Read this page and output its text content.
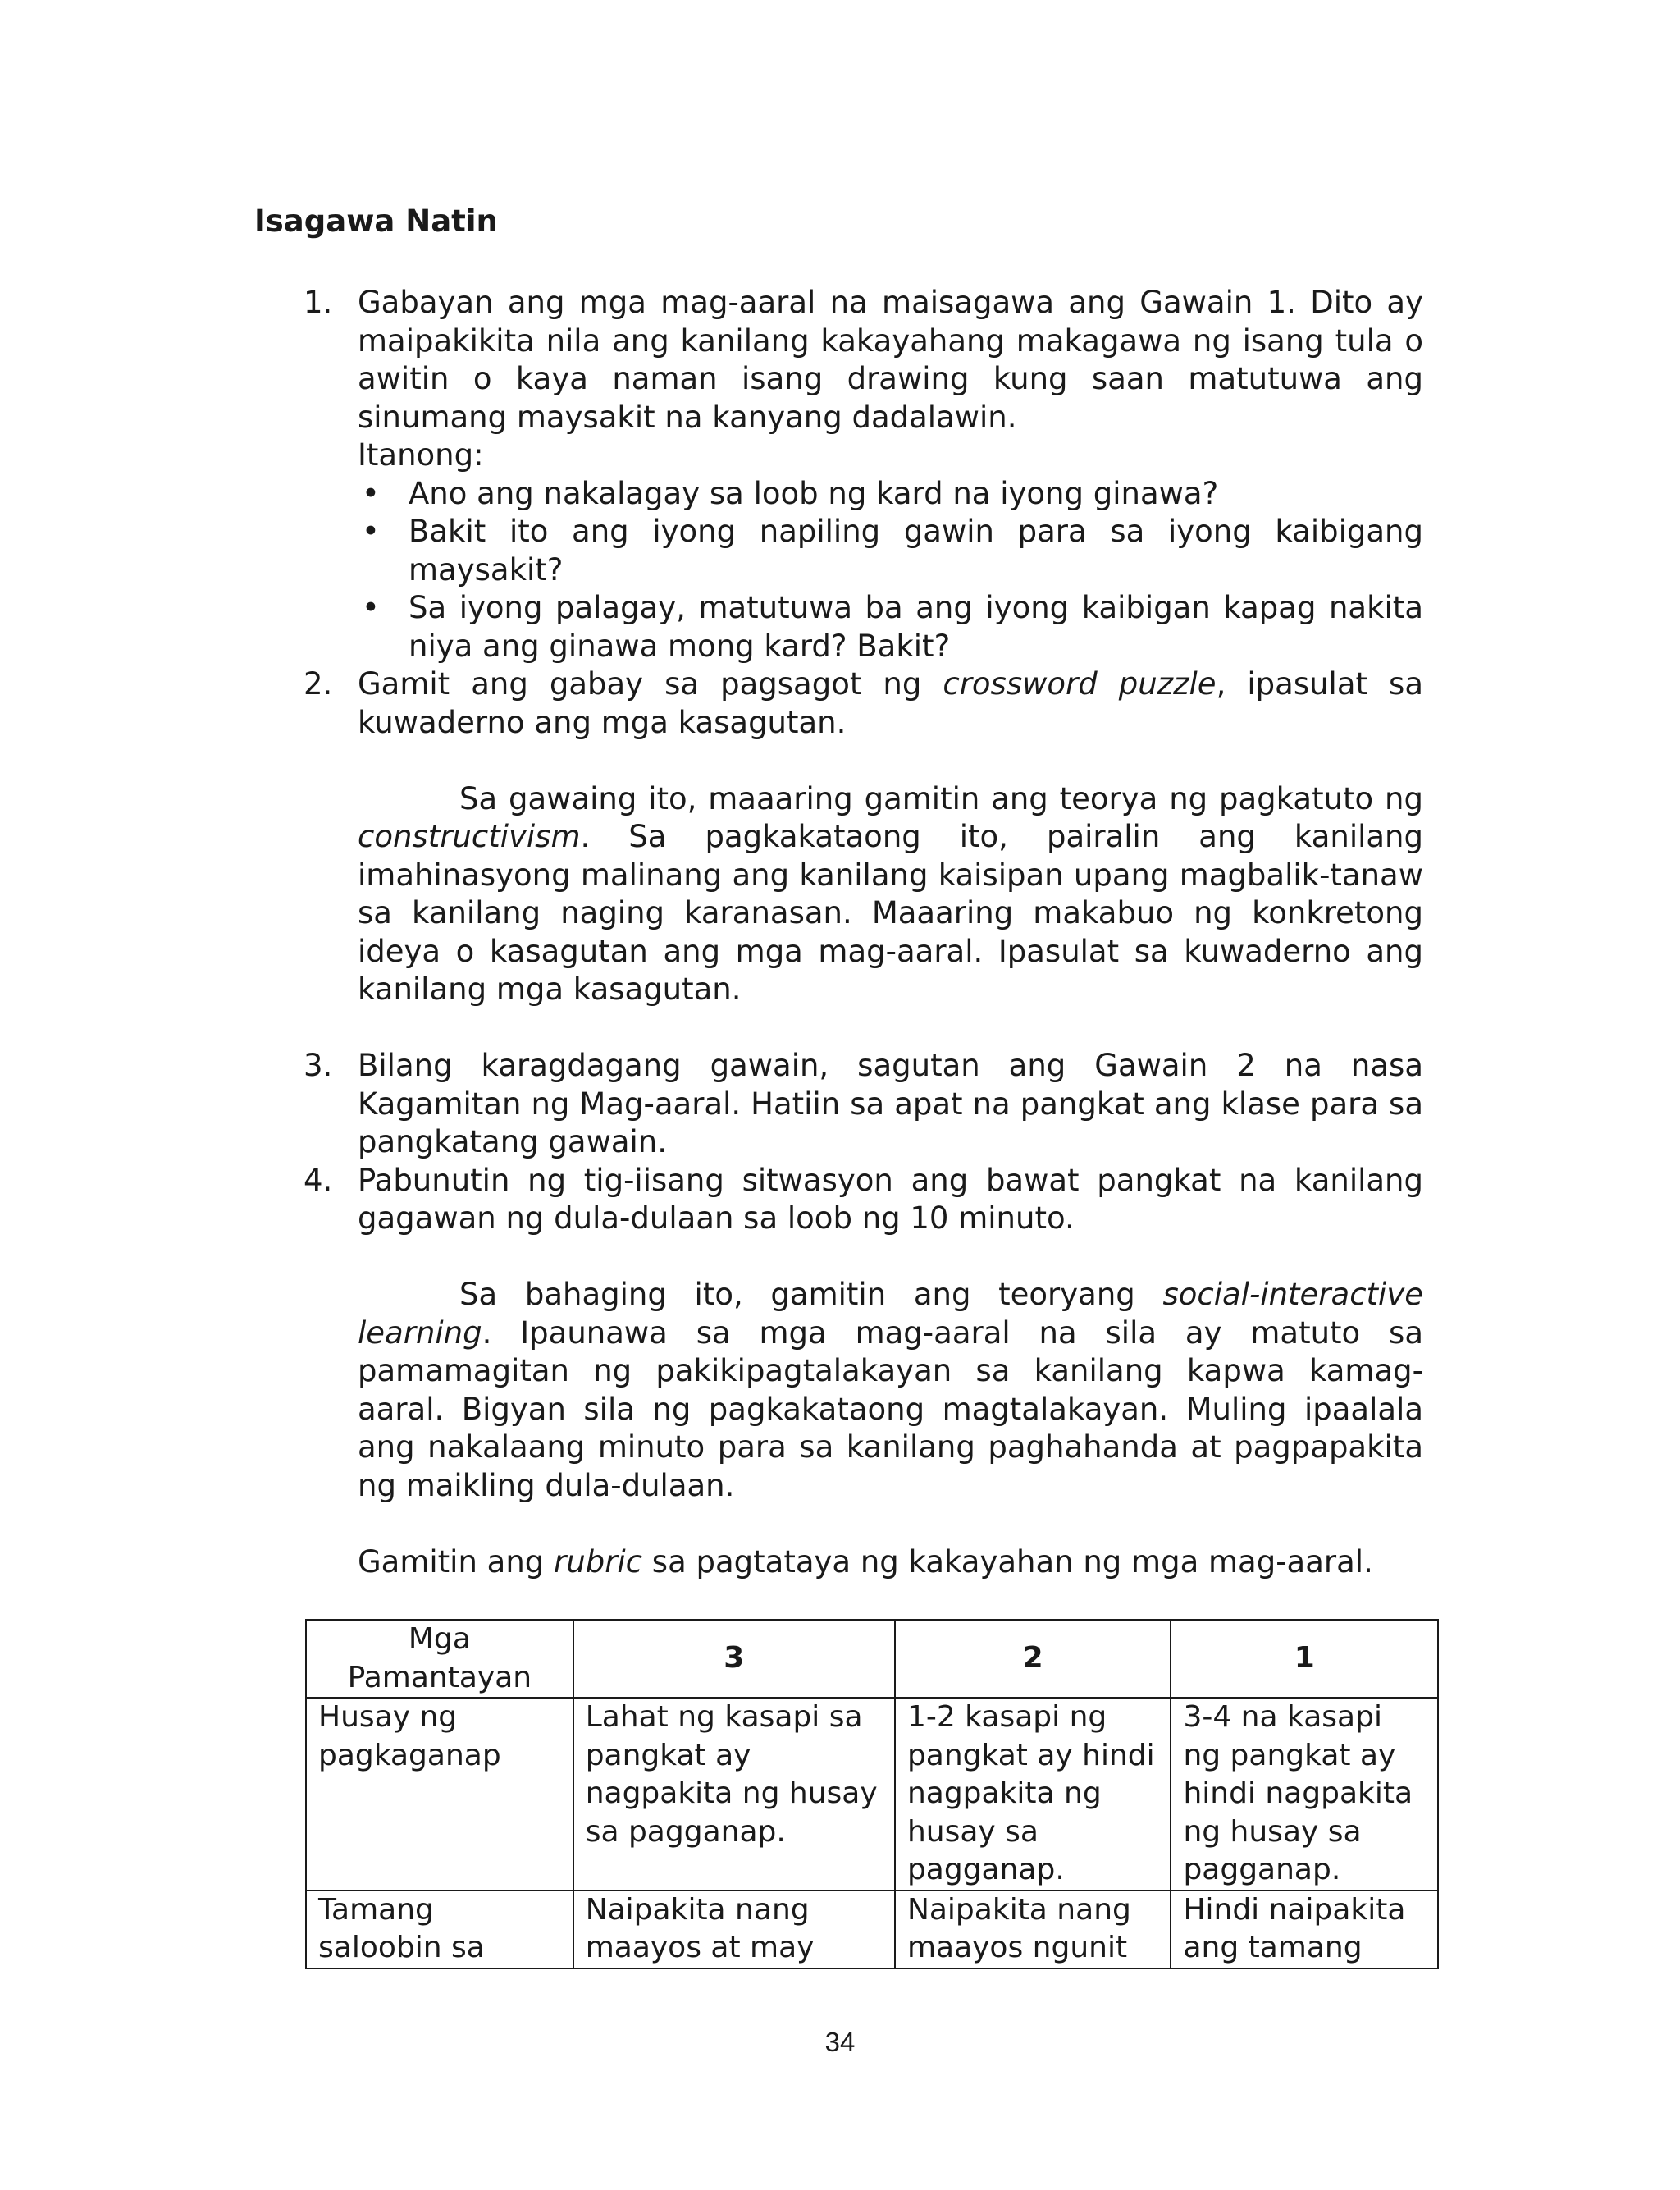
Isagawa Natin
1. Gabayan ang mga mag-aaral na maisagawa ang Gawain 1. Dito ay maipakikita nila ang kanilang kakayahang makagawa ng isang tula o awitin o kaya naman isang drawing kung saan matutuwa ang sinumang maysakit na kanyang dadalawin.
Itanong:
• Ano ang nakalagay sa loob ng kard na iyong ginawa?
• Bakit ito ang iyong napiling gawin para sa iyong kaibigang maysakit?
• Sa iyong palagay, matutuwa ba ang iyong kaibigan kapag nakita niya ang ginawa mong kard? Bakit?
2. Gamit ang gabay sa pagsagot ng crossword puzzle, ipasulat sa kuwaderno ang mga kasagutan.
Sa gawaing ito, maaaring gamitin ang teorya ng pagkatuto ng constructivism. Sa pagkakataong ito, pairalin ang kanilang imahinasyong malinang ang kanilang kaisipan upang magbalik-tanaw sa kanilang naging karanasan. Maaaring makabuo ng konkretong ideya o kasagutan ang mga mag-aaral. Ipasulat sa kuwaderno ang kanilang mga kasagutan.
3. Bilang karagdagang gawain, sagutan ang Gawain 2 na nasa Kagamitan ng Mag-aaral. Hatiin sa apat na pangkat ang klase para sa pangkatang gawain.
4. Pabunutin ng tig-iisang sitwasyon ang bawat pangkat na kanilang gagawan ng dula-dulaan sa loob ng 10 minuto.
Sa bahaging ito, gamitin ang teoryang social-interactive learning. Ipaunawa sa mga mag-aaral na sila ay matuto sa pamamagitan ng pakikipagtalakayan sa kanilang kapwa kamag-aaral. Bigyan sila ng pagkakataong magtalakayan. Muling ipaalala ang nakalaang minuto para sa kanilang paghahanda at pagpapakita ng maikling dula-dulaan.
Gamitin ang rubric sa pagtataya ng kakayahan ng mga mag-aaral.
Mga Pamantayan	3	2	1
Husay ng pagkaganap	Lahat ng kasapi sa pangkat ay nagpakita ng husay sa pagganap.	1-2 kasapi ng pangkat ay hindi nagpakita ng husay sa pagganap.	3-4 na kasapi ng pangkat ay hindi nagpakita ng husay sa pagganap.
Tamang saloobin sa	Naipakita nang maayos at may	Naipakita nang maayos ngunit	Hindi naipakita ang tamang
34
